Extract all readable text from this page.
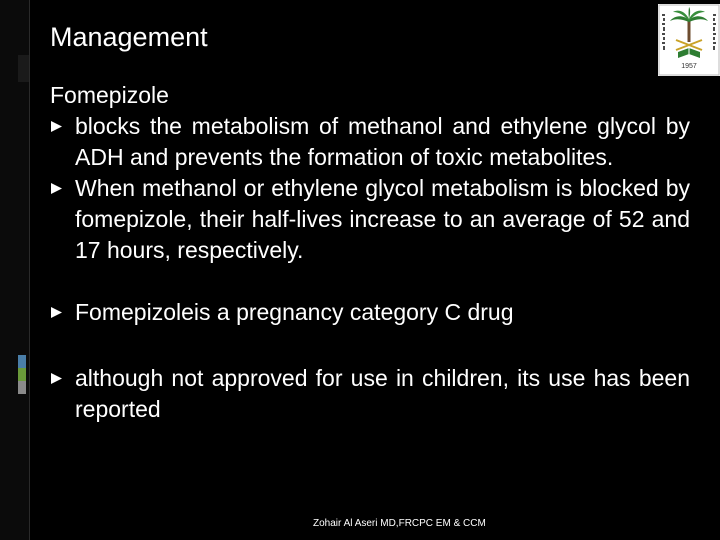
Management
1957
Fomepizole
blocks the metabolism of methanol and ethylene glycol by ADH and prevents the formation of toxic metabolites.
When methanol or ethylene glycol metabolism is blocked by fomepizole, their half-lives increase to an average of 52 and 17 hours, respectively.
Fomepizoleis a pregnancy category C drug
although not approved for use in children, its use has been reported
Zohair Al Aseri MD,FRCPC EM & CCM
